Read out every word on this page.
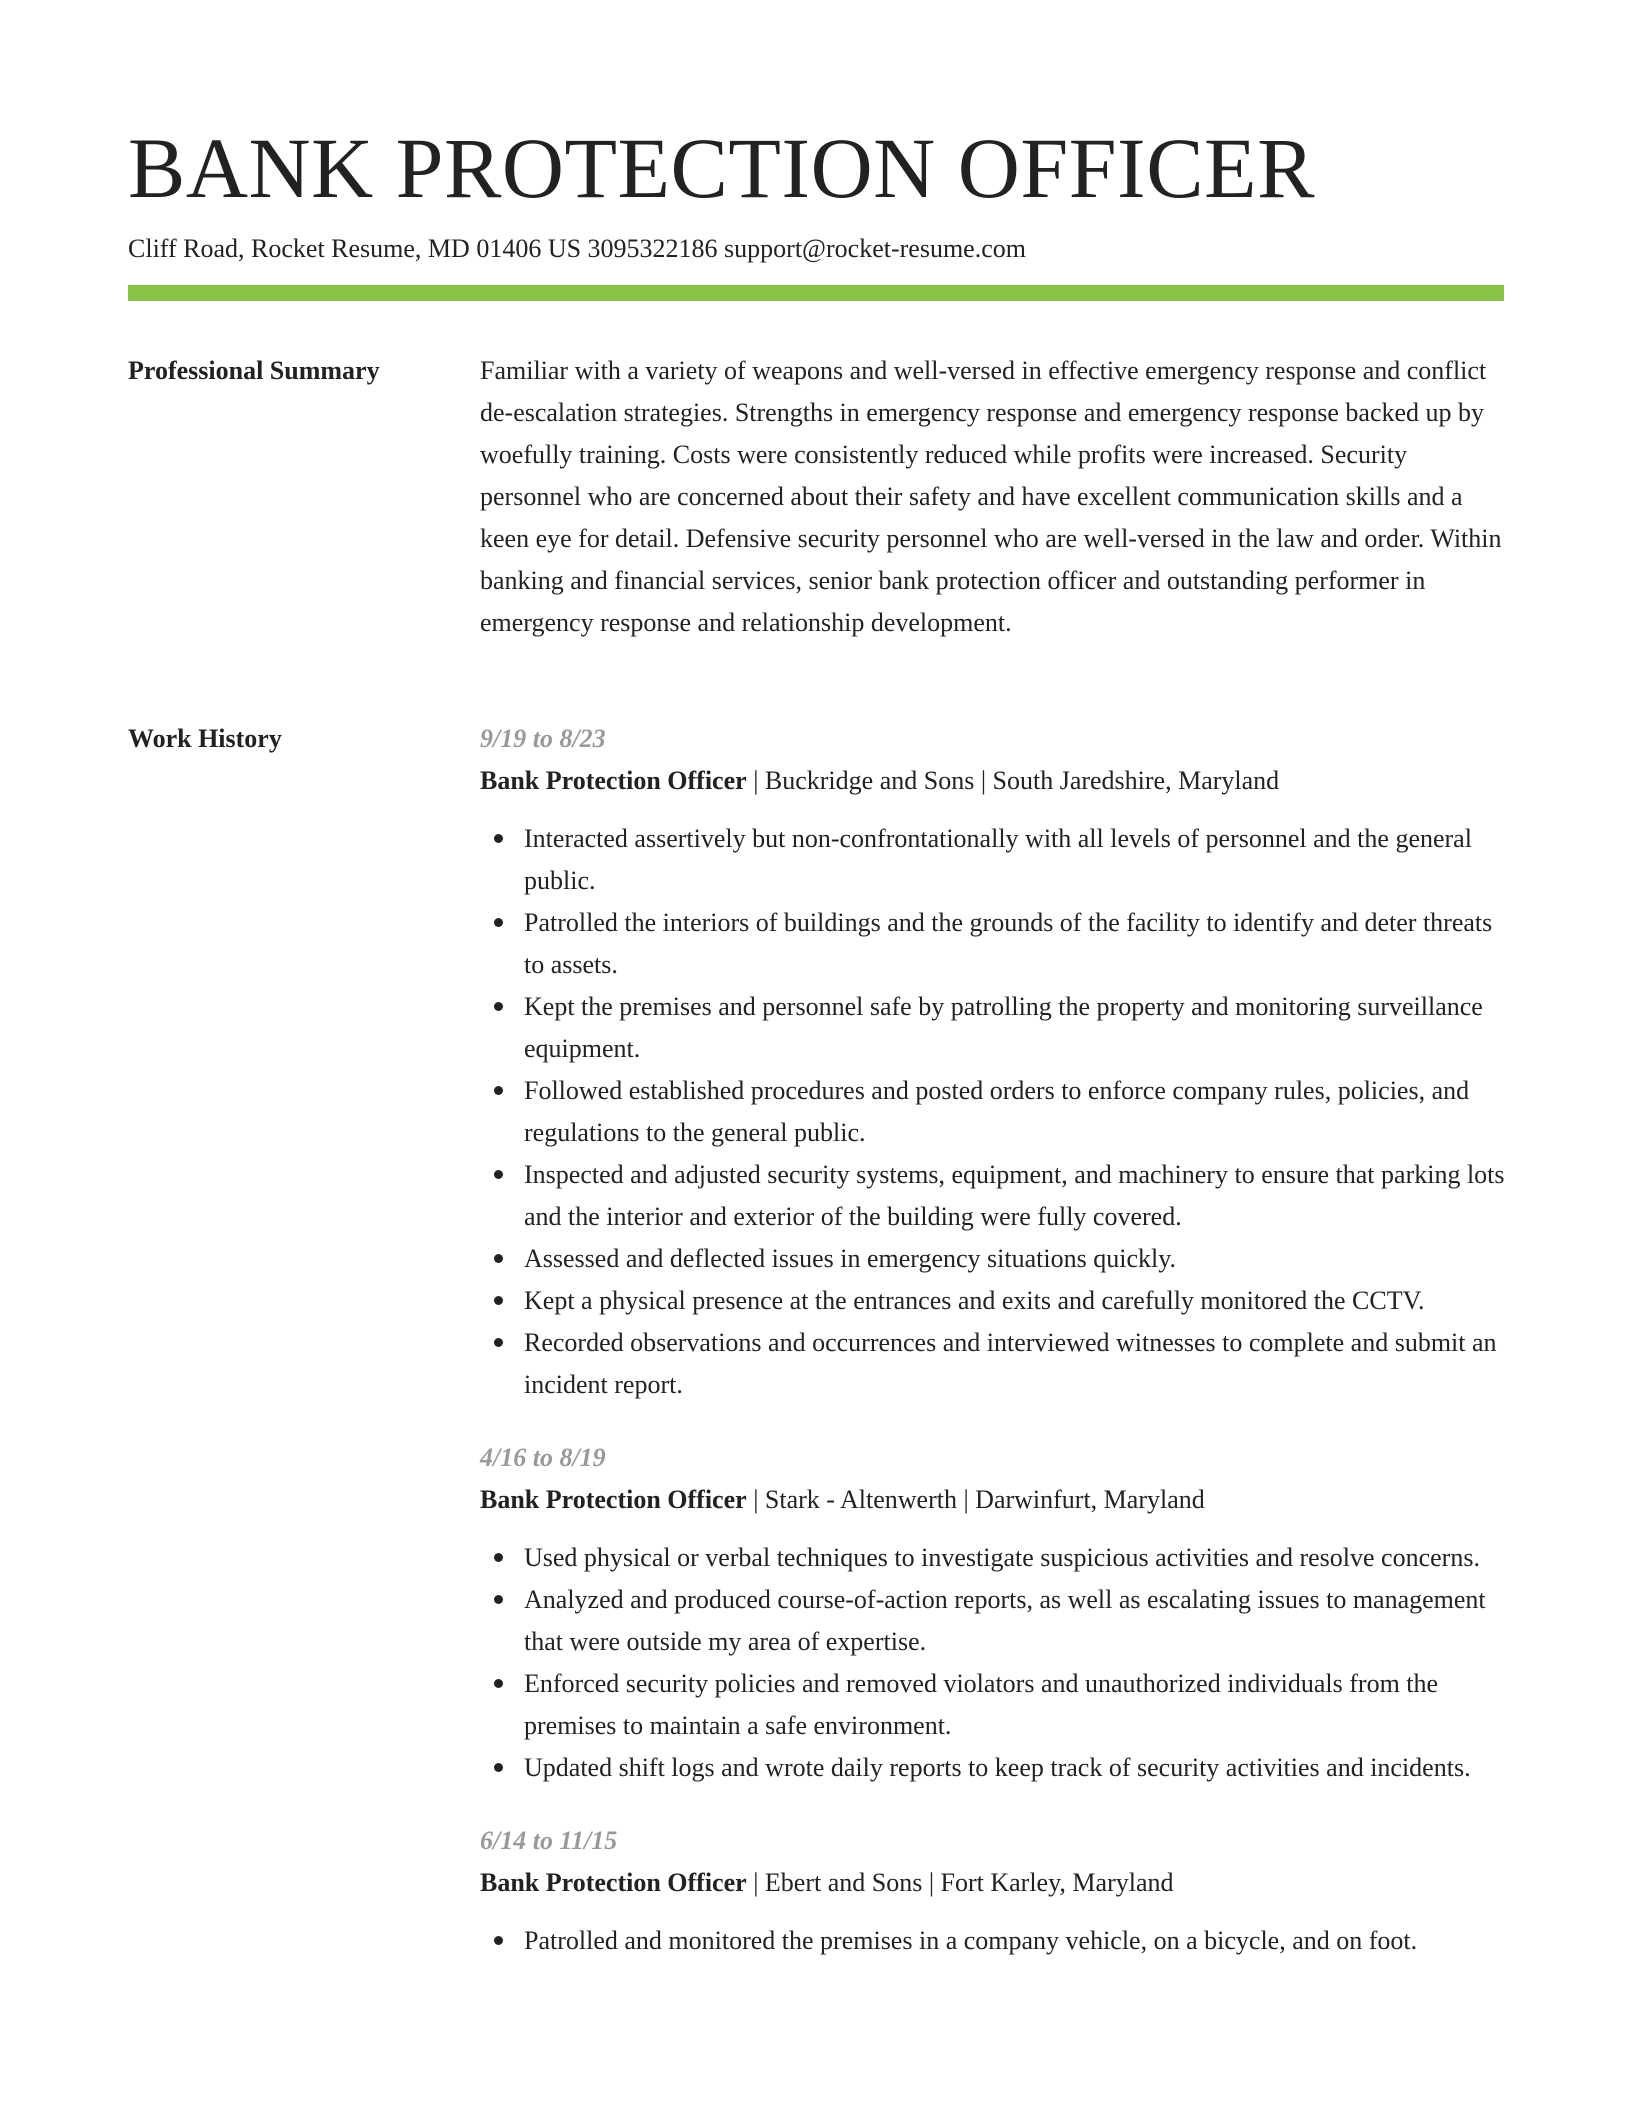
BANK PROTECTION OFFICER

Cliff Road, Rocket Resume, MD 01406 US 3095322186 support@rocket-resume.com

Professional Summary	Familiar with a variety of weapons and well-versed in effective emergency response and conflict de-escalation strategies. Strengths in emergency response and emergency response backed up by woefully training. Costs were consistently reduced while profits were increased. Security personnel who are concerned about their safety and have excellent communication skills and a keen eye for detail. Defensive security personnel who are well-versed in the law and order. Within banking and financial services, senior bank protection officer and outstanding performer in emergency response and relationship development.

Work History	9/19 to 8/23

Bank Protection Officer | Buckridge and Sons | South Jaredshire, Maryland

Interacted assertively but non-confrontationally with all levels of personnel and the general public.
Patrolled the interiors of buildings and the grounds of the facility to identify and deter threats to assets.
Kept the premises and personnel safe by patrolling the property and monitoring surveillance equipment.
Followed established procedures and posted orders to enforce company rules, policies, and regulations to the general public.
Inspected and adjusted security systems, equipment, and machinery to ensure that parking lots and the interior and exterior of the building were fully covered.
Assessed and deflected issues in emergency situations quickly.
Kept a physical presence at the entrances and exits and carefully monitored the CCTV.
Recorded observations and occurrences and interviewed witnesses to complete and submit an incident report.

4/16 to 8/19

Bank Protection Officer | Stark - Altenwerth | Darwinfurt, Maryland

Used physical or verbal techniques to investigate suspicious activities and resolve concerns.
Analyzed and produced course-of-action reports, as well as escalating issues to management that were outside my area of expertise.
Enforced security policies and removed violators and unauthorized individuals from the premises to maintain a safe environment.
Updated shift logs and wrote daily reports to keep track of security activities and incidents.

6/14 to 11/15

Bank Protection Officer | Ebert and Sons | Fort Karley, Maryland

Patrolled and monitored the premises in a company vehicle, on a bicycle, and on foot.
